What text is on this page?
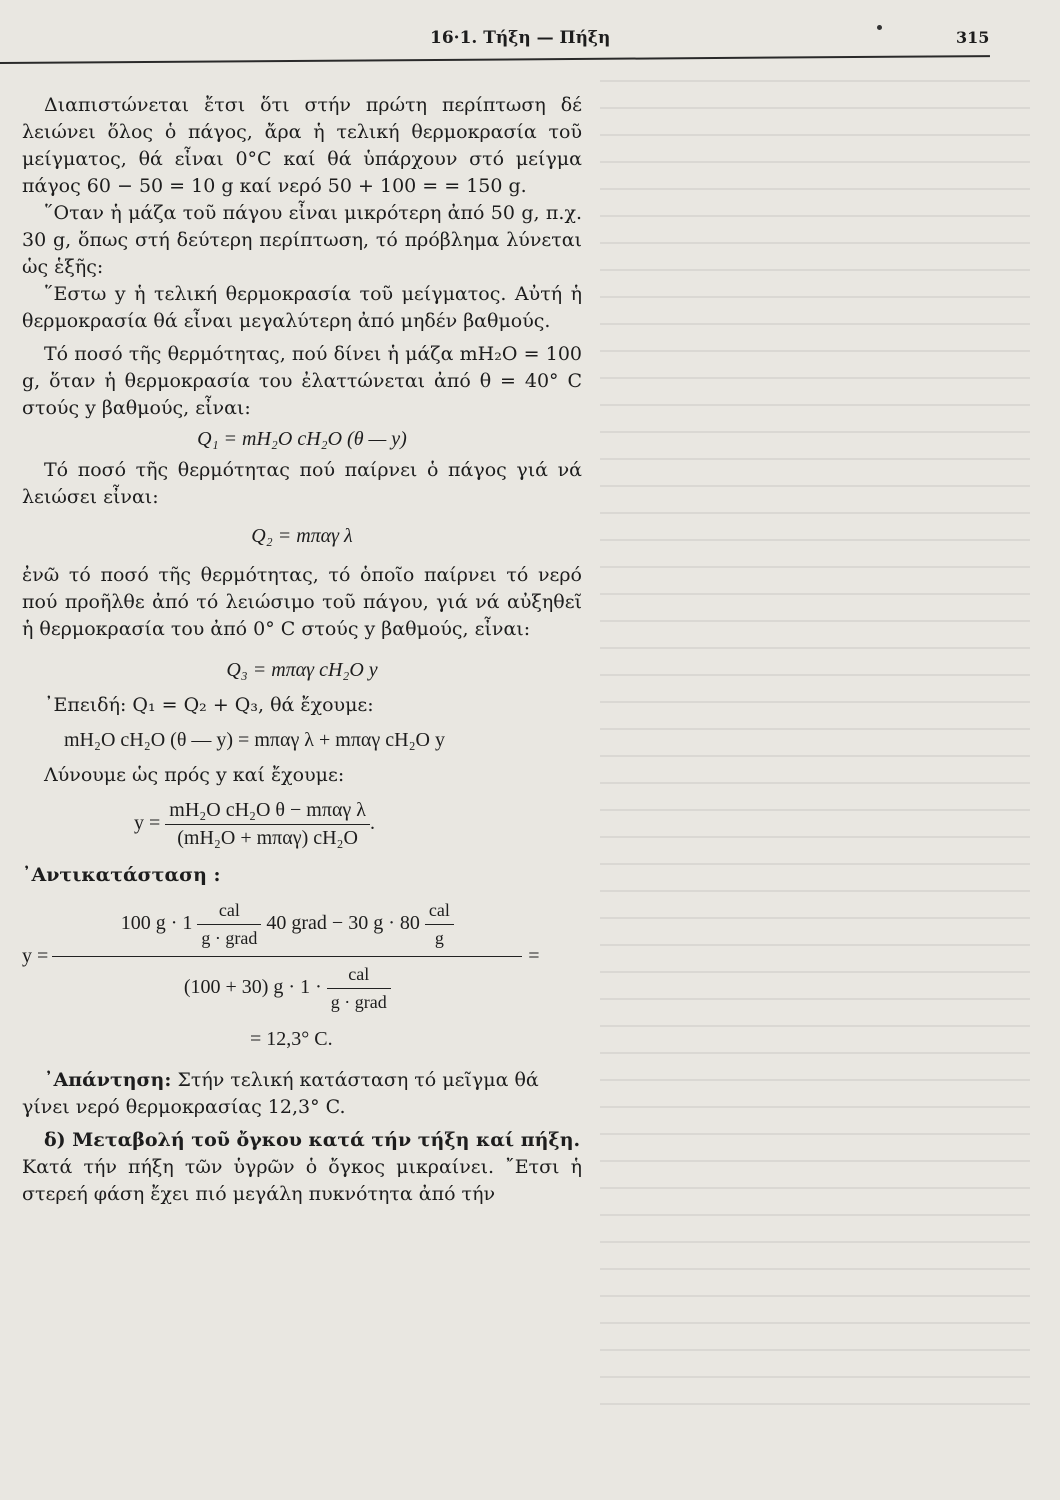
16·1. Τήξη — Πήξη	315

Διαπιστώνεται ἔτσι ὅτι στήν πρώτη περίπτωση δέ λειώνει ὅλος ὁ πάγος, ἄρα ἡ τελική θερμοκρασία τοῦ μείγματος, θά εἶναι 0°C καί θά ὑπάρχουν στό μείγμα πάγος 60 − 50 = 10 g καί νερό 50 + 100 = = 150 g.

῞Οταν ἡ μάζα τοῦ πάγου εἶναι μικρότερη ἀπό 50 g, π.χ. 30 g, ὅπως στή δεύτερη περίπτωση, τό πρόβλημα λύνεται ὡς ἑξῆς:

῞Εστω y ἡ τελική θερμοκρασία τοῦ μείγματος. Αὐτή ἡ θερμοκρασία θά εἶναι μεγαλύτερη ἀπό μηδέν βαθμούς.

Τό ποσό τῆς θερμότητας, πού δίνει ἡ μάζα mH₂O = 100 g, ὅταν ἡ θερμοκρασία του ἐλαττώνεται ἀπό θ = 40° C στούς y βαθμούς, εἶναι:

Q₁ = mH₂O cH₂O (θ — y)

Τό ποσό τῆς θερμότητας πού παίρνει ὁ πάγος γιά νά λειώσει εἶναι:

Q₂ = mπαγ λ

ἐνῶ τό ποσό τῆς θερμότητας, τό ὁποῖο παίρνει τό νερό πού προῆλθε ἀπό τό λειώσιμο τοῦ πάγου, γιά νά αὐξηθεῖ ἡ θερμοκρασία του ἀπό 0° C στούς y βαθμούς, εἶναι:

Q₃ = mπαγ cH₂O y

᾿Επειδή: Q₁ = Q₂ + Q₃, θά ἔχουμε:

mH₂O cH₂O (θ — y) = mπαγ λ + mπαγ cH₂O y

Λύνουμε ὡς πρός y καί ἔχουμε:

$y = \frac{\text{mH₂O cH₂O θ − mπαγ λ}}{\text{(mH₂O + mπαγ) cH₂O}}$ .

᾿Αντικατάσταση :

y =
100 $g \cdot 1 \frac{\text{cal}}{\text{g · grad}} 40$ grad − 30 $g \cdot 80 \frac{\text{cal}}{g}$
(100 + 30) $g \cdot 1 \cdot \frac{\text{cal}}{\text{g · grad}}$
=
= 12,3° C.

᾿Απάντηση: Στήν τελική κατάσταση τό μεῖγμα θά γίνει νερό θερμοκρασίας 12,3° C.

δ) Μεταβολή τοῦ ὄγκου κατά τήν τήξη καί πήξη.

Κατά τήν πήξη τῶν ὑγρῶν ὁ ὄγκος μικραίνει. ῎Ετσι ἡ στερεή φάση ἔχει πιό μεγάλη πυκνότητα ἀπό τήν
